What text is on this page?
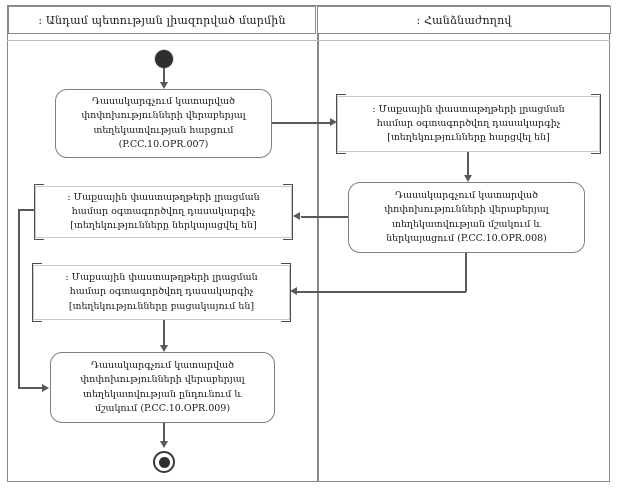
: Անդամ պետության լիազորված մարմին	: Հանձնաժողով
Դասակարգչում կատարված փոփոխությունների վերաբերյալ տեղեկատվության հարցում (P.CC.10.OPR.007)
: Մաքսային փաստաթղթերի լրացման համար օգտագործվող դասակարգիչ [տեղեկությունները հարցվել են]
Դասակարգչում կատարված փոփոխությունների վերաբերյալ տեղեկատվության մշակում և ներկայացում (P.CC.10.OPR.008)
: Մաքսային փաստաթղթերի լրացման համար օգտագործվող դասակարգիչ [տեղեկությունները ներկայացվել են]
: Մաքսային փաստաթղթերի լրացման համար օգտագործվող դասակարգիչ [տեղեկությունները բացակայում են]
Դասակարգչում կատարված փոփոխությունների վերաբերյալ տեղեկատվության ընդունում և մշակում (P.CC.10.OPR.009)
